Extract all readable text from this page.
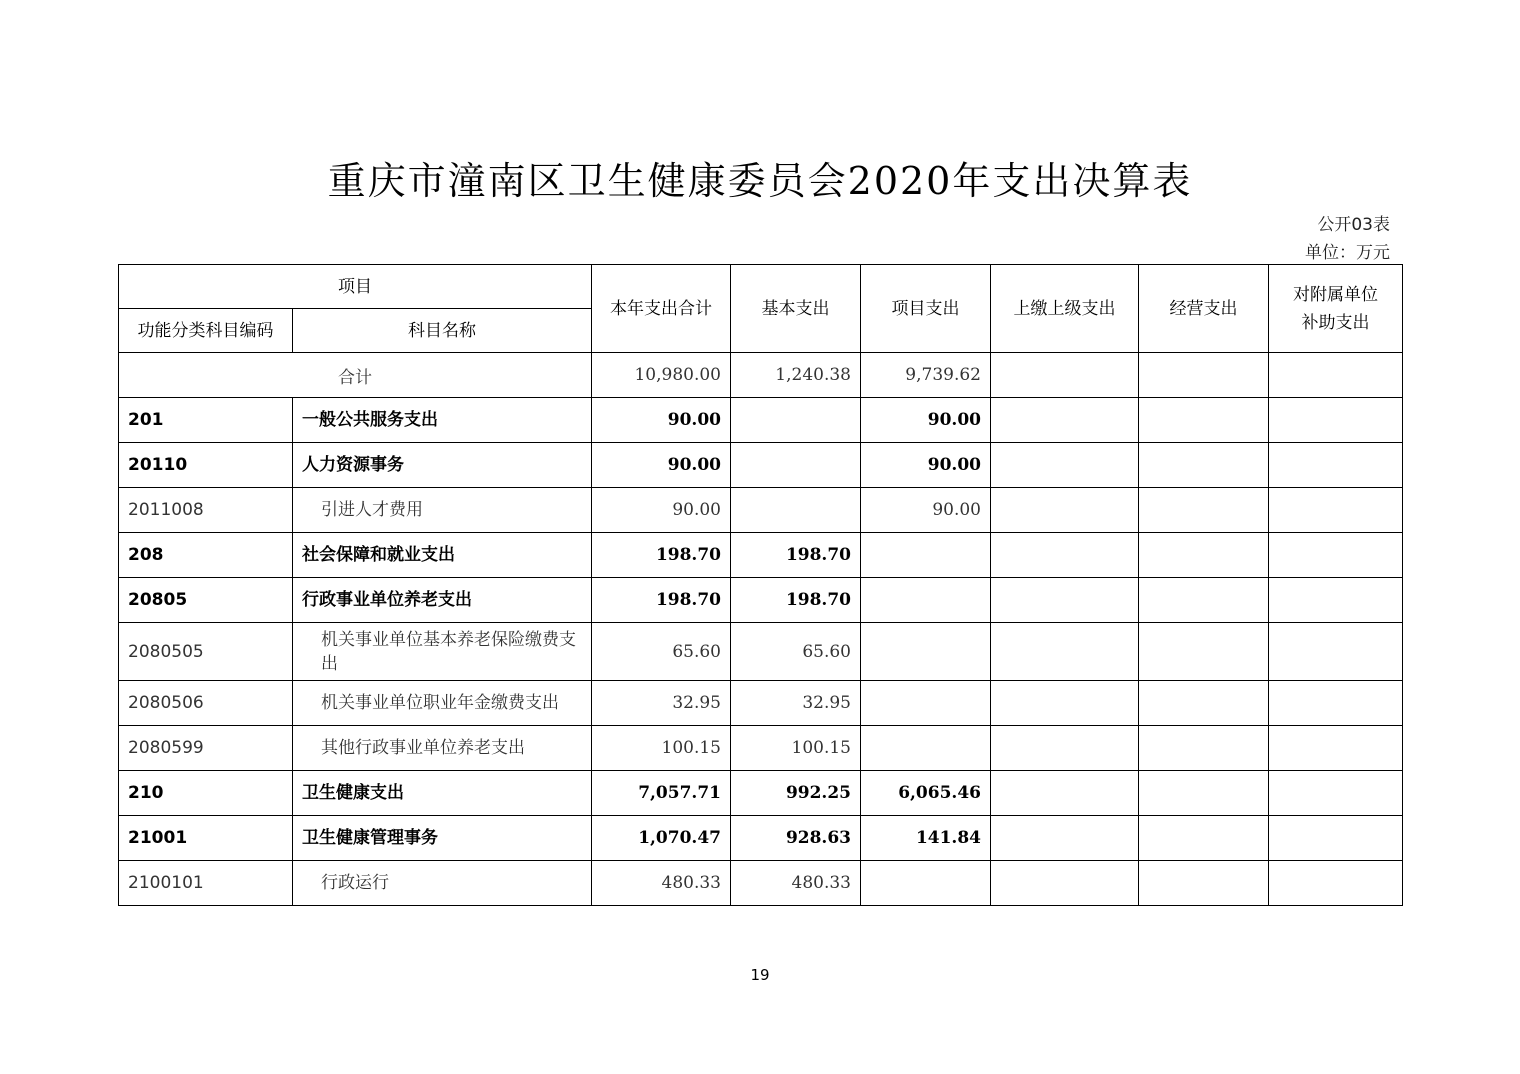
重庆市潼南区卫生健康委员会2020年支出决算表
公开03表
单位：万元
项目		本年支出合计	基本支出	项目支出	上缴上级支出	经营支出	对附属单位
补助支出
功能分类科目编码	科目名称						
合计		10,980.00	1,240.38	9,739.62			
201	一般公共服务支出	90.00		90.00			
20110	人力资源事务	90.00		90.00			
2011008	引进人才费用	90.00		90.00			
208	社会保障和就业支出	198.70	198.70				
20805	行政事业单位养老支出	198.70	198.70				
2080505	机关事业单位基本养老保险缴费支出	65.60	65.60				
2080506	机关事业单位职业年金缴费支出	32.95	32.95				
2080599	其他行政事业单位养老支出	100.15	100.15				
210	卫生健康支出	7,057.71	992.25	6,065.46			
21001	卫生健康管理事务	1,070.47	928.63	141.84			
2100101	行政运行	480.33	480.33				
19
